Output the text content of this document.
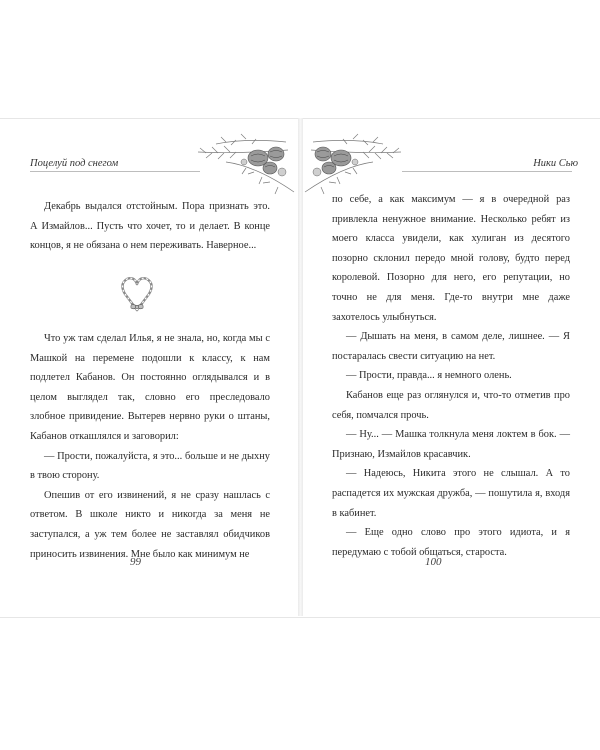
Поцелуй под снегом	Ники Сью

Декабрь выдался отстойным. Пора признать это. А Измайлов... Пусть что хочет, то и делает. В конце концов, я не обязана о нем переживать. Наверное...

Что уж там сделал Илья, я не знала, но, когда мы с Машкой на перемене подошли к классу, к нам подлетел Кабанов. Он постоянно оглядывался и в целом выглядел так, словно его преследовало злобное привидение. Вытерев нервно руки о штаны, Кабанов откашлялся и заговорил:

— Прости, пожалуйста, я это... больше и не дыхну в твою сторону.

Опешив от его извинений, я не сразу нашлась с ответом. В школе никто и никогда за меня не заступался, а уж тем более не заставлял обидчиков приносить извинения. Мне было как минимум не

99

по себе, а как максимум — я в очередной раз привлекла ненужное внимание. Несколько ребят из моего класса увидели, как хулиган из десятого позорно склонил передо мной голову, будто перед королевой. Позорно для него, его репутации, но точно не для меня. Где-то внутри мне даже захотелось улыбнуться.

— Дышать на меня, в самом деле, лишнее. — Я постаралась свести ситуацию на нет.

— Прости, правда... я немного олень.

Кабанов еще раз оглянулся и, что-то отметив про себя, помчался прочь.

— Ну... — Машка толкнула меня локтем в бок. — Признаю, Измайлов красавчик.

— Надеюсь, Никита этого не слышал. А то распадется их мужская дружба, — пошутила я, входя в кабинет.

— Еще одно слово про этого идиота, и я передумаю с тобой общаться, староста.

100
